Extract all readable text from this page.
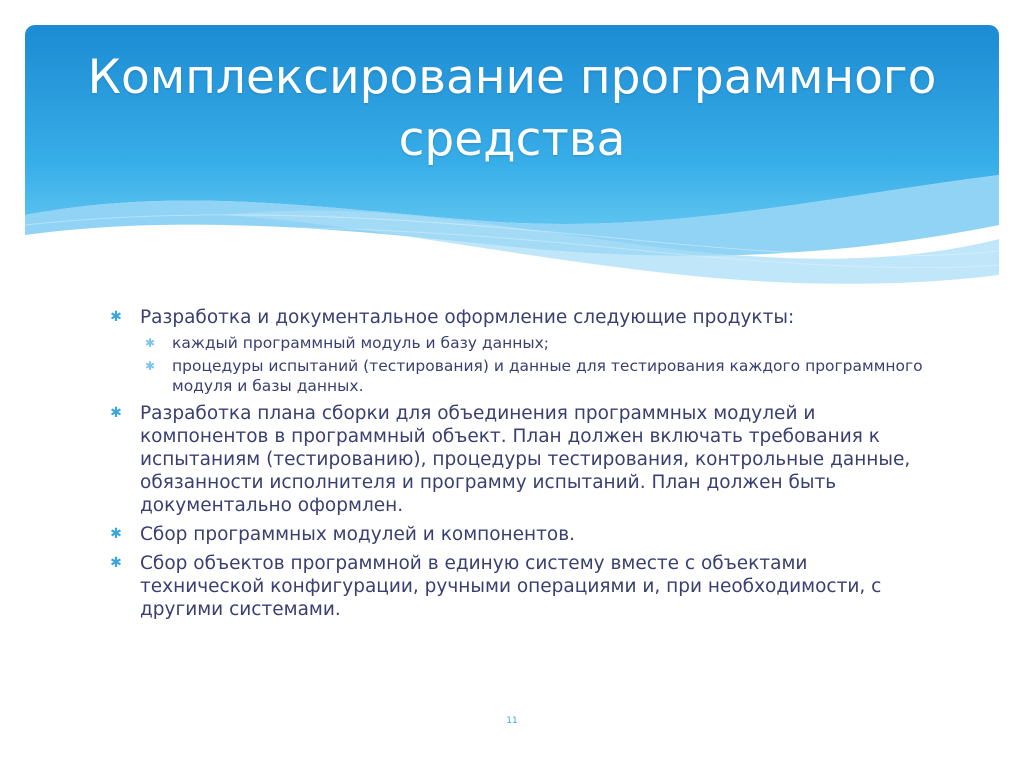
Комплексирование программного средства
✱ Разработка и документальное оформление следующие продукты:
✱	каждый программный модуль и базу данных;
✱	процедуры испытаний (тестирования) и данные для тестирования каждого программного модуля и базы данных.
✱ Разработка плана сборки для объединения программных модулей и компонентов в программный объект. План должен включать требования к испытаниям (тестированию), процедуры тестирования, контрольные данные, обязанности исполнителя и программу испытаний. План должен быть документально оформлен.
✱ Сбор программных модулей и компонентов.
✱ Сбор объектов программной в единую систему вместе с объектами технической конфигурации, ручными операциями и, при необходимости, с другими системами.
11
